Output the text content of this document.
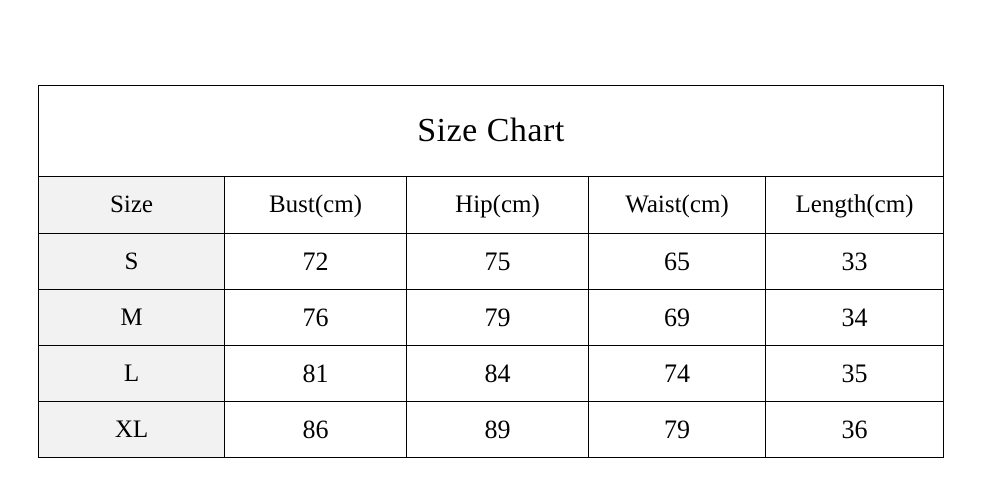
Size Chart				
Size	Bust(cm)	Hip(cm)	Waist(cm)	Length(cm)
S	72	75	65	33
M	76	79	69	34
L	81	84	74	35
XL	86	89	79	36
